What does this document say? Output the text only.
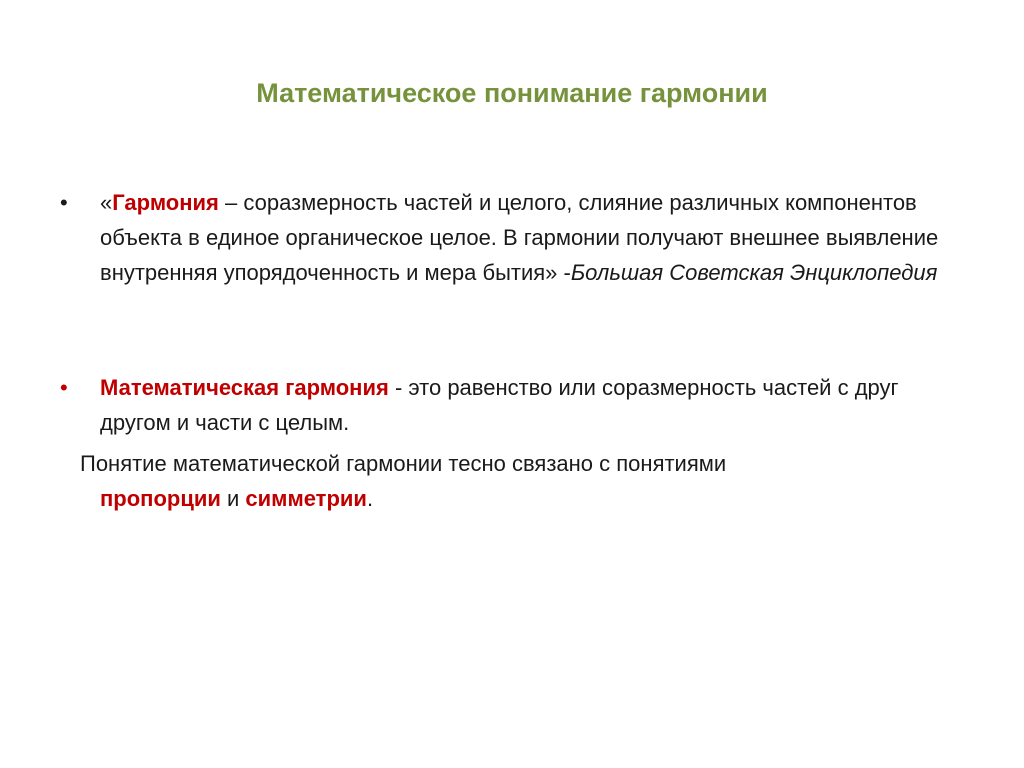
Математическое понимание гармонии
• «Гармония – соразмерность частей и целого, слияние различных компонентов объекта в единое органическое целое. В гармонии получают внешнее выявление внутренняя упорядоченность и мера бытия» -Большая Советская Энциклопедия
• Математическая гармония - это равенство или соразмерность частей с друг другом и части с целым.
Понятие математической гармонии тесно связано с понятиями
пропорции и симметрии.
